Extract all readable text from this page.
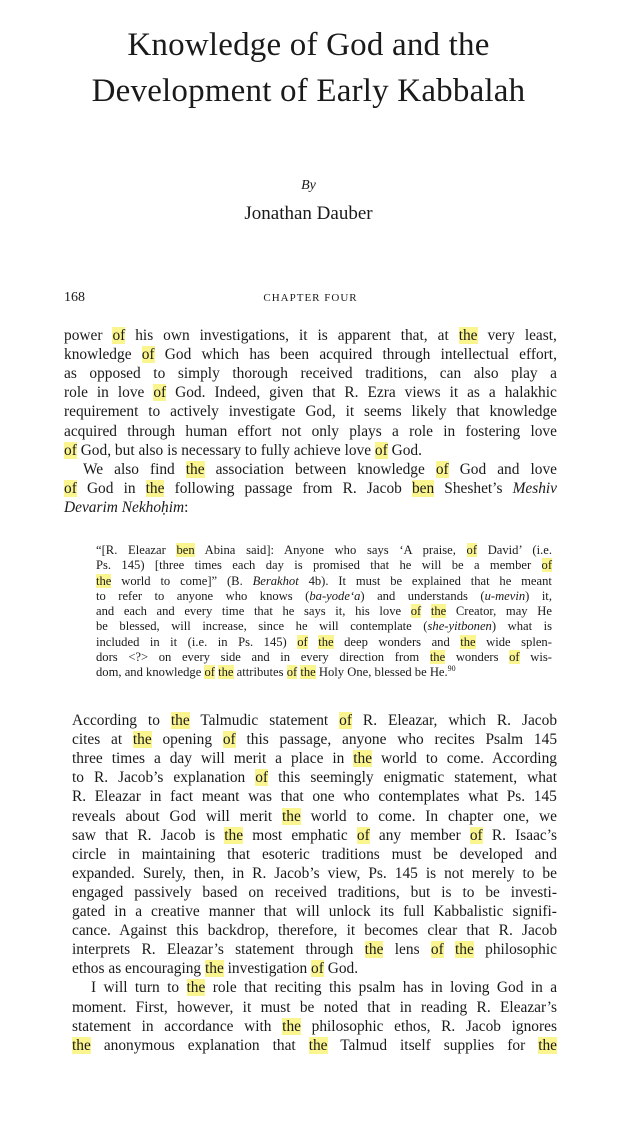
Knowledge of God and the
Development of Early Kabbalah
By
Jonathan Dauber
168	CHAPTER FOUR
power of his own investigations, it is apparent that, at the very least,
knowledge of God which has been acquired through intellectual effort,
as opposed to simply thorough received traditions, can also play a
role in love of God. Indeed, given that R. Ezra views it as a halakhic
requirement to actively investigate God, it seems likely that knowledge
acquired through human effort not only plays a role in fostering love
of God, but also is necessary to fully achieve love of God.
We also find the association between knowledge of God and love
of God in the following passage from R. Jacob ben Sheshet’s Meshiv
Devarim Nekhoḥim:
“[R. Eleazar ben Abina said]: Anyone who says ‘A praise, of David’ (i.e.
Ps. 145) [three times each day is promised that he will be a member of
the world to come]” (B. Berakhot 4b). It must be explained that he meant
to refer to anyone who knows (ba-yode‘a) and understands (u-mevin) it,
and each and every time that he says it, his love of the Creator, may He
be blessed, will increase, since he will contemplate (she-yitbonen) what is
included in it (i.e. in Ps. 145) of the deep wonders and the wide splen-
dors <?> on every side and in every direction from the wonders of wis-
dom, and knowledge of the attributes of the Holy One, blessed be He.$^{90}$
According to the Talmudic statement of R. Eleazar, which R. Jacob
cites at the opening of this passage, anyone who recites Psalm 145
three times a day will merit a place in the world to come. According
to R. Jacob’s explanation of this seemingly enigmatic statement, what
R. Eleazar in fact meant was that one who contemplates what Ps. 145
reveals about God will merit the world to come. In chapter one, we
saw that R. Jacob is the most emphatic of any member of R. Isaac’s
circle in maintaining that esoteric traditions must be developed and
expanded. Surely, then, in R. Jacob’s view, Ps. 145 is not merely to be
engaged passively based on received traditions, but is to be investi-
gated in a creative manner that will unlock its full Kabbalistic signifi-
cance. Against this backdrop, therefore, it becomes clear that R. Jacob
interprets R. Eleazar’s statement through the lens of the philosophic
ethos as encouraging the investigation of God.
I will turn to the role that reciting this psalm has in loving God in a
moment. First, however, it must be noted that in reading R. Eleazar’s
statement in accordance with the philosophic ethos, R. Jacob ignores
the anonymous explanation that the Talmud itself supplies for the
